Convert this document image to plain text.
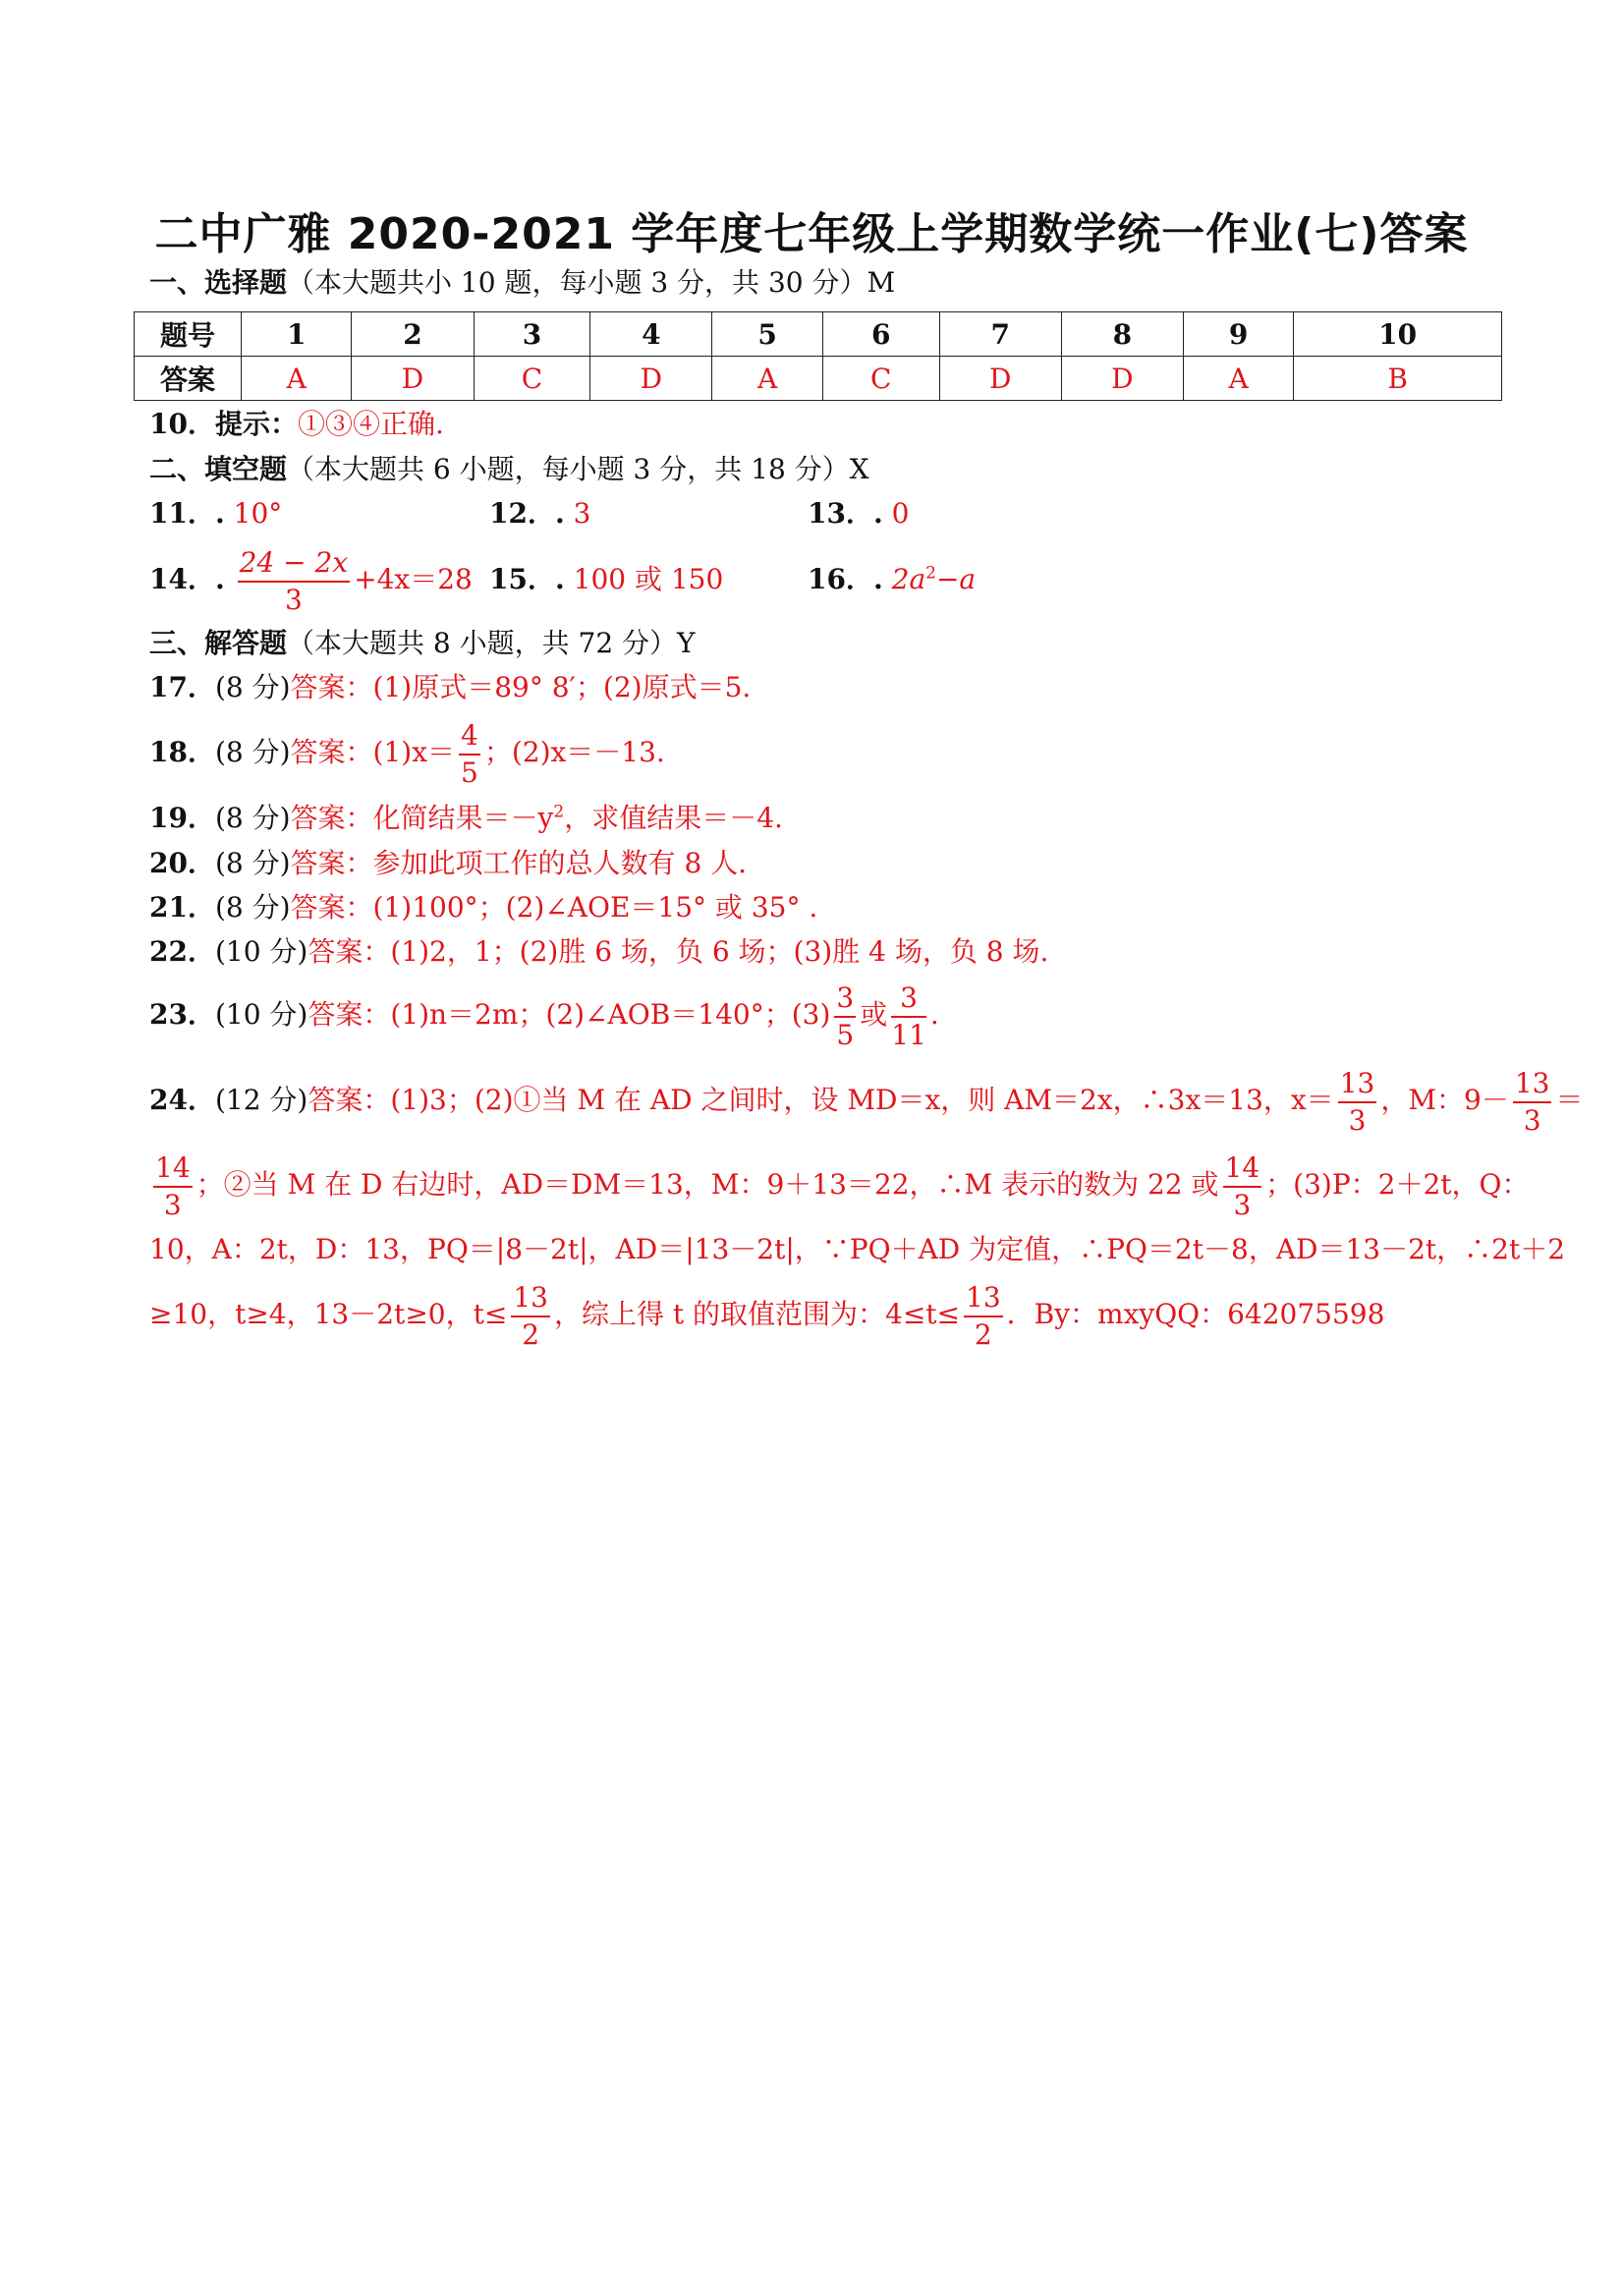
二中广雅 2020-2021 学年度七年级上学期数学统一作业(七)答案
一、选择题（本大题共小 10 题，每小题 3 分，共 30 分）M
题号	1	2	3	4	5	6	7	8	9	10
答案	A	D	C	D	A	C	D	D	A	B
10．提示：①③④正确.
二、填空题（本大题共 6 小题，每小题 3 分，共 18 分）X
11．. 10°	12．. 3	13．. 0
14．. $\frac{24 - 2x}{3} +4x=28$ 15．. 100 或 150	16．. $2a^2-a$
三、解答题（本大题共 8 小题，共 72 分）Y
17．(8 分)答案：(1)原式＝89° 8′；(2)原式＝5.
18．(8 分)答案：$(1)x= \frac{4}{5}$ ；(2)x＝－13.
19．(8 分)答案：化简结果$=-y^2$，求值结果＝－4.
20．(8 分)答案：参加此项工作的总人数有 8 人.
21．(8 分)答案：(1)100°；(2)∠AOE＝15° 或 35° .
22．(10 分)答案：(1)2，1；(2)胜 6 场，负 6 场；(3)胜 4 场，负 8 场.
23．(10 分)答案：(1)n＝2m；(2)∠AOB＝140°；$(3) \frac{3}{5}$ 或 $\frac{3}{11}$ .
24．(12 分)答案：(1)3；(2)①当 M 在 AD 之间时，设 MD＝x，则 AM＝2x，∴3x＝13，$x= \frac{13}{3}$ ，M：$9- \frac{13}{3}$ ＝
$\frac{14}{3}$ ；②当 M 在 D 右边时，AD＝DM＝13，M：9＋13＝22，∴M 表示的数为 22 或 $\frac{14}{3}$ ；(3)P：2＋2t，Q：
10，A：2t，D：13，PQ＝|8－2t|，AD＝|13－2t|，∵PQ＋AD 为定值，∴PQ＝2t－8，AD＝13－2t，∴2t＋2
≥10，t≥4，13－2t≥0，$t\le \frac{13}{2}$ ，综上得 t 的取值范围为：$4\le t\le \frac{13}{2}$ ．By：mxyQQ：642075598
